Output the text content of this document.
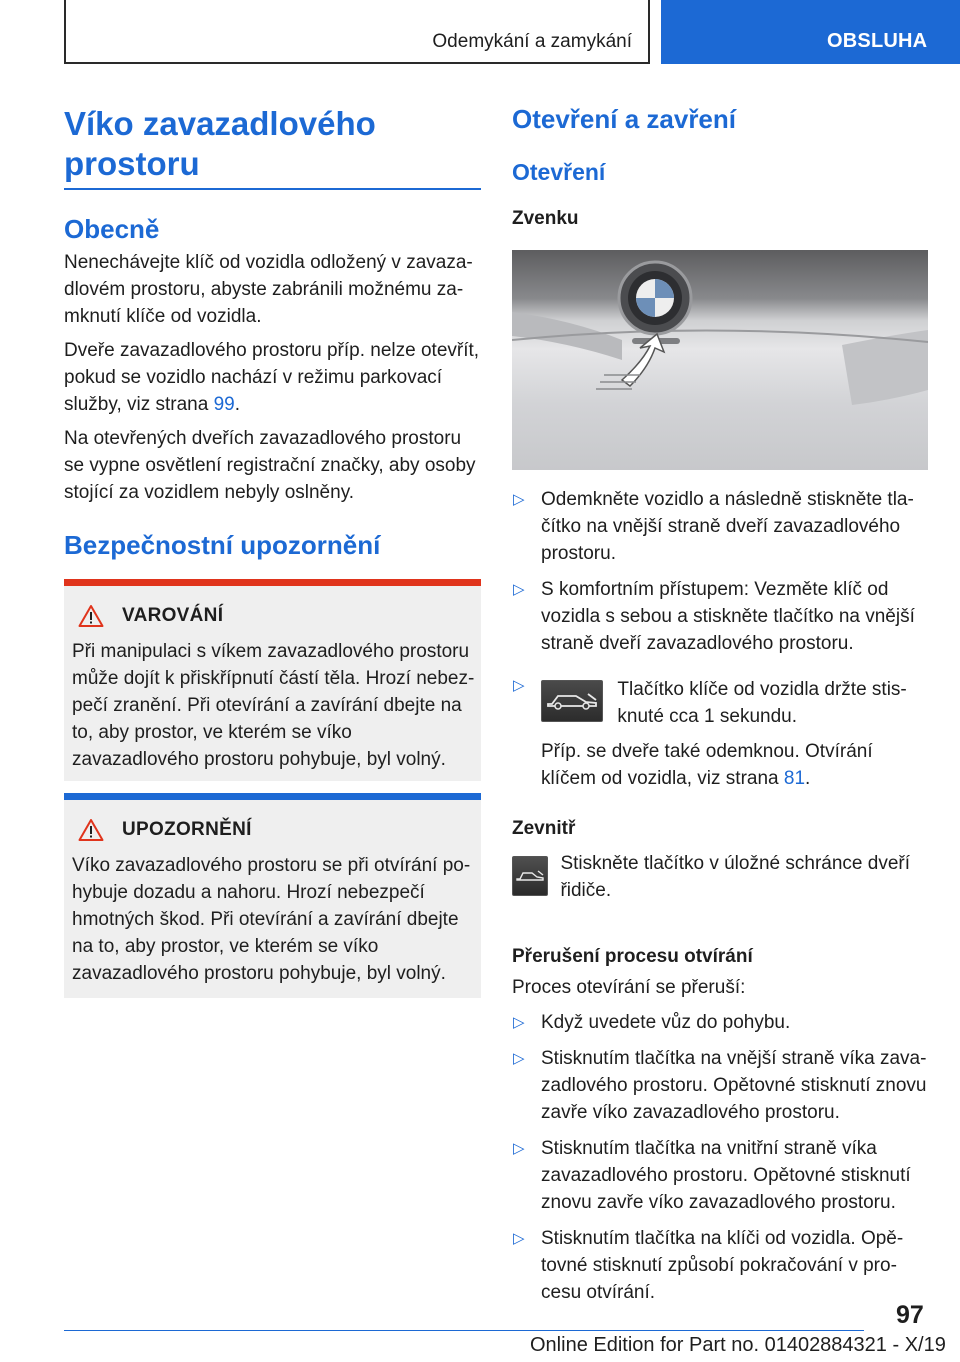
Odemykání a zamykání	OBSLUHA
Víko zavazadlového prostoru
Obecně

Nenechávejte klíč od vozidla odložený v zavazadlovém prostoru, abyste zabránili možnému zamknutí klíče od vozidla.

Dveře zavazadlového prostoru příp. nelze otevřít, pokud se vozidlo nachází v režimu parkovací služby, viz strana 99.

Na otevřených dveřích zavazadlového prostoru se vypne osvětlení registrační značky, aby osoby stojící za vozidlem nebyly oslněny.

Bezpečnostní upozornění
VAROVÁNÍ

Při manipulaci s víkem zavazadlového prostoru může dojít k přiskřípnutí částí těla. Hrozí nebezpečí zranění. Při otevírání a zavírání dbejte na to, aby prostor, ve kterém se víko zavazadlového prostoru pohybuje, byl volný.

UPOZORNĚNÍ

Víko zavazadlového prostoru se při otvírání pohybuje dozadu a nahoru. Hrozí nebezpečí hmotných škod. Při otevírání a zavírání dbejte na to, aby prostor, ve kterém se víko zavazadlového prostoru pohybuje, byl volný.

Otevření a zavření
Otevření
Zvenku
▷ Odemkněte vozidlo a následně stiskněte tlačítko na vnější straně dveří zavazadlového prostoru.
▷ S komfortním přístupem: Vezměte klíč od vozidla s sebou a stiskněte tlačítko na vnější straně dveří zavazadlového prostoru.
▷	Tlačítko klíče od vozidla držte stisknuté cca 1 sekundu.

Příp. se dveře také odemknou. Otvírání klíčem od vozidla, viz strana 81.

Zevnitř

Stiskněte tlačítko v úložné schránce dveří řidiče.

Přerušení procesu otvírání

Proces otevírání se přeruší:

▷ Když uvedete vůz do pohybu.
▷ Stisknutím tlačítka na vnější straně víka zavazadlového prostoru. Opětovné stisknutí znovu zavře víko zavazadlového prostoru.
▷ Stisknutím tlačítka na vnitřní straně víka zavazadlového prostoru. Opětovné stisknutí znovu zavře víko zavazadlového prostoru.
▷ Stisknutím tlačítka na klíči od vozidla. Opětovné stisknutí způsobí pokračování v procesu otvírání.
97

Online Edition for Part no. 01402884321 - X/19
